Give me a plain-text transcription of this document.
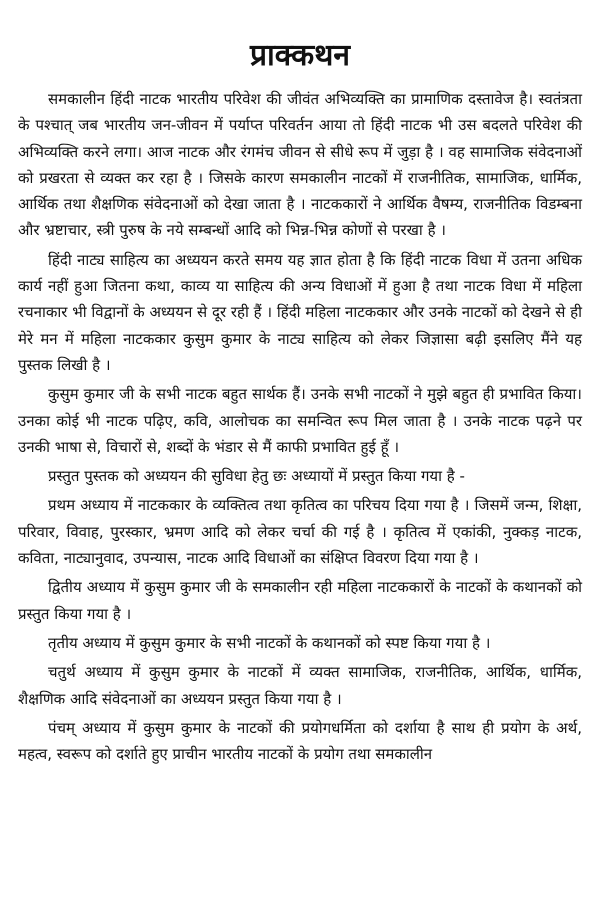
प्राक्कथन

समकालीन हिंदी नाटक भारतीय परिवेश की जीवंत अभिव्यक्ति का प्रामाणिक दस्तावेज है। स्वतंत्रता के पश्चात् जब भारतीय जन-जीवन में पर्याप्त परिवर्तन आया तो हिंदी नाटक भी उस बदलते परिवेश की अभिव्यक्ति करने लगा। आज नाटक और रंगमंच जीवन से सीधे रूप में जुड़ा है । वह सामाजिक संवेदनाओं को प्रखरता से व्यक्त कर रहा है । जिसके कारण समकालीन नाटकों में राजनीतिक, सामाजिक, धार्मिक, आर्थिक तथा शैक्षणिक संवेदनाओं को देखा जाता है । नाटककारों ने आर्थिक वैषम्य, राजनीतिक विडम्बना और भ्रष्टाचार, स्त्री पुरुष के नये सम्बन्धों आदि को भिन्न-भिन्न कोणों से परखा है ।

हिंदी नाट्य साहित्य का अध्ययन करते समय यह ज्ञात होता है कि हिंदी नाटक विधा में उतना अधिक कार्य नहीं हुआ जितना कथा, काव्य या साहित्य की अन्य विधाओं में हुआ है तथा नाटक विधा में महिला रचनाकार भी विद्वानों के अध्ययन से दूर रही हैं । हिंदी महिला नाटककार और उनके नाटकों को देखने से ही मेरे मन में महिला नाटककार कुसुम कुमार के नाट्य साहित्य को लेकर जिज्ञासा बढ़ी इसलिए मैंने यह पुस्तक लिखी है ।

कुसुम कुमार जी के सभी नाटक बहुत सार्थक हैं। उनके सभी नाटकों ने मुझे बहुत ही प्रभावित किया। उनका कोई भी नाटक पढ़िए, कवि, आलोचक का समन्वित रूप मिल जाता है । उनके नाटक पढ़ने पर उनकी भाषा से, विचारों से, शब्दों के भंडार से मैं काफी प्रभावित हुई हूँ ।

प्रस्तुत पुस्तक को अध्ययन की सुविधा हेतु छः अध्यायों में प्रस्तुत किया गया है -

प्रथम अध्याय में नाटककार के व्यक्तित्व तथा कृतित्व का परिचय दिया गया है । जिसमें जन्म, शिक्षा, परिवार, विवाह, पुरस्कार, भ्रमण आदि को लेकर चर्चा की गई है । कृतित्व में एकांकी, नुक्कड़ नाटक, कविता, नाट्यानुवाद, उपन्यास, नाटक आदि विधाओं का संक्षिप्त विवरण दिया गया है ।

द्वितीय अध्याय में कुसुम कुमार जी के समकालीन रही महिला नाटककारों के नाटकों के कथानकों को प्रस्तुत किया गया है ।

तृतीय अध्याय में कुसुम कुमार के सभी नाटकों के कथानकों को स्पष्ट किया गया है ।

चतुर्थ अध्याय में कुसुम कुमार के नाटकों में व्यक्त सामाजिक, राजनीतिक, आर्थिक, धार्मिक, शैक्षणिक आदि संवेदनाओं का अध्ययन प्रस्तुत किया गया है ।

पंचम् अध्याय में कुसुम कुमार के नाटकों की प्रयोगधर्मिता को दर्शाया है साथ ही प्रयोग के अर्थ, महत्व, स्वरूप को दर्शाते हुए प्राचीन भारतीय नाटकों के प्रयोग तथा समकालीन
